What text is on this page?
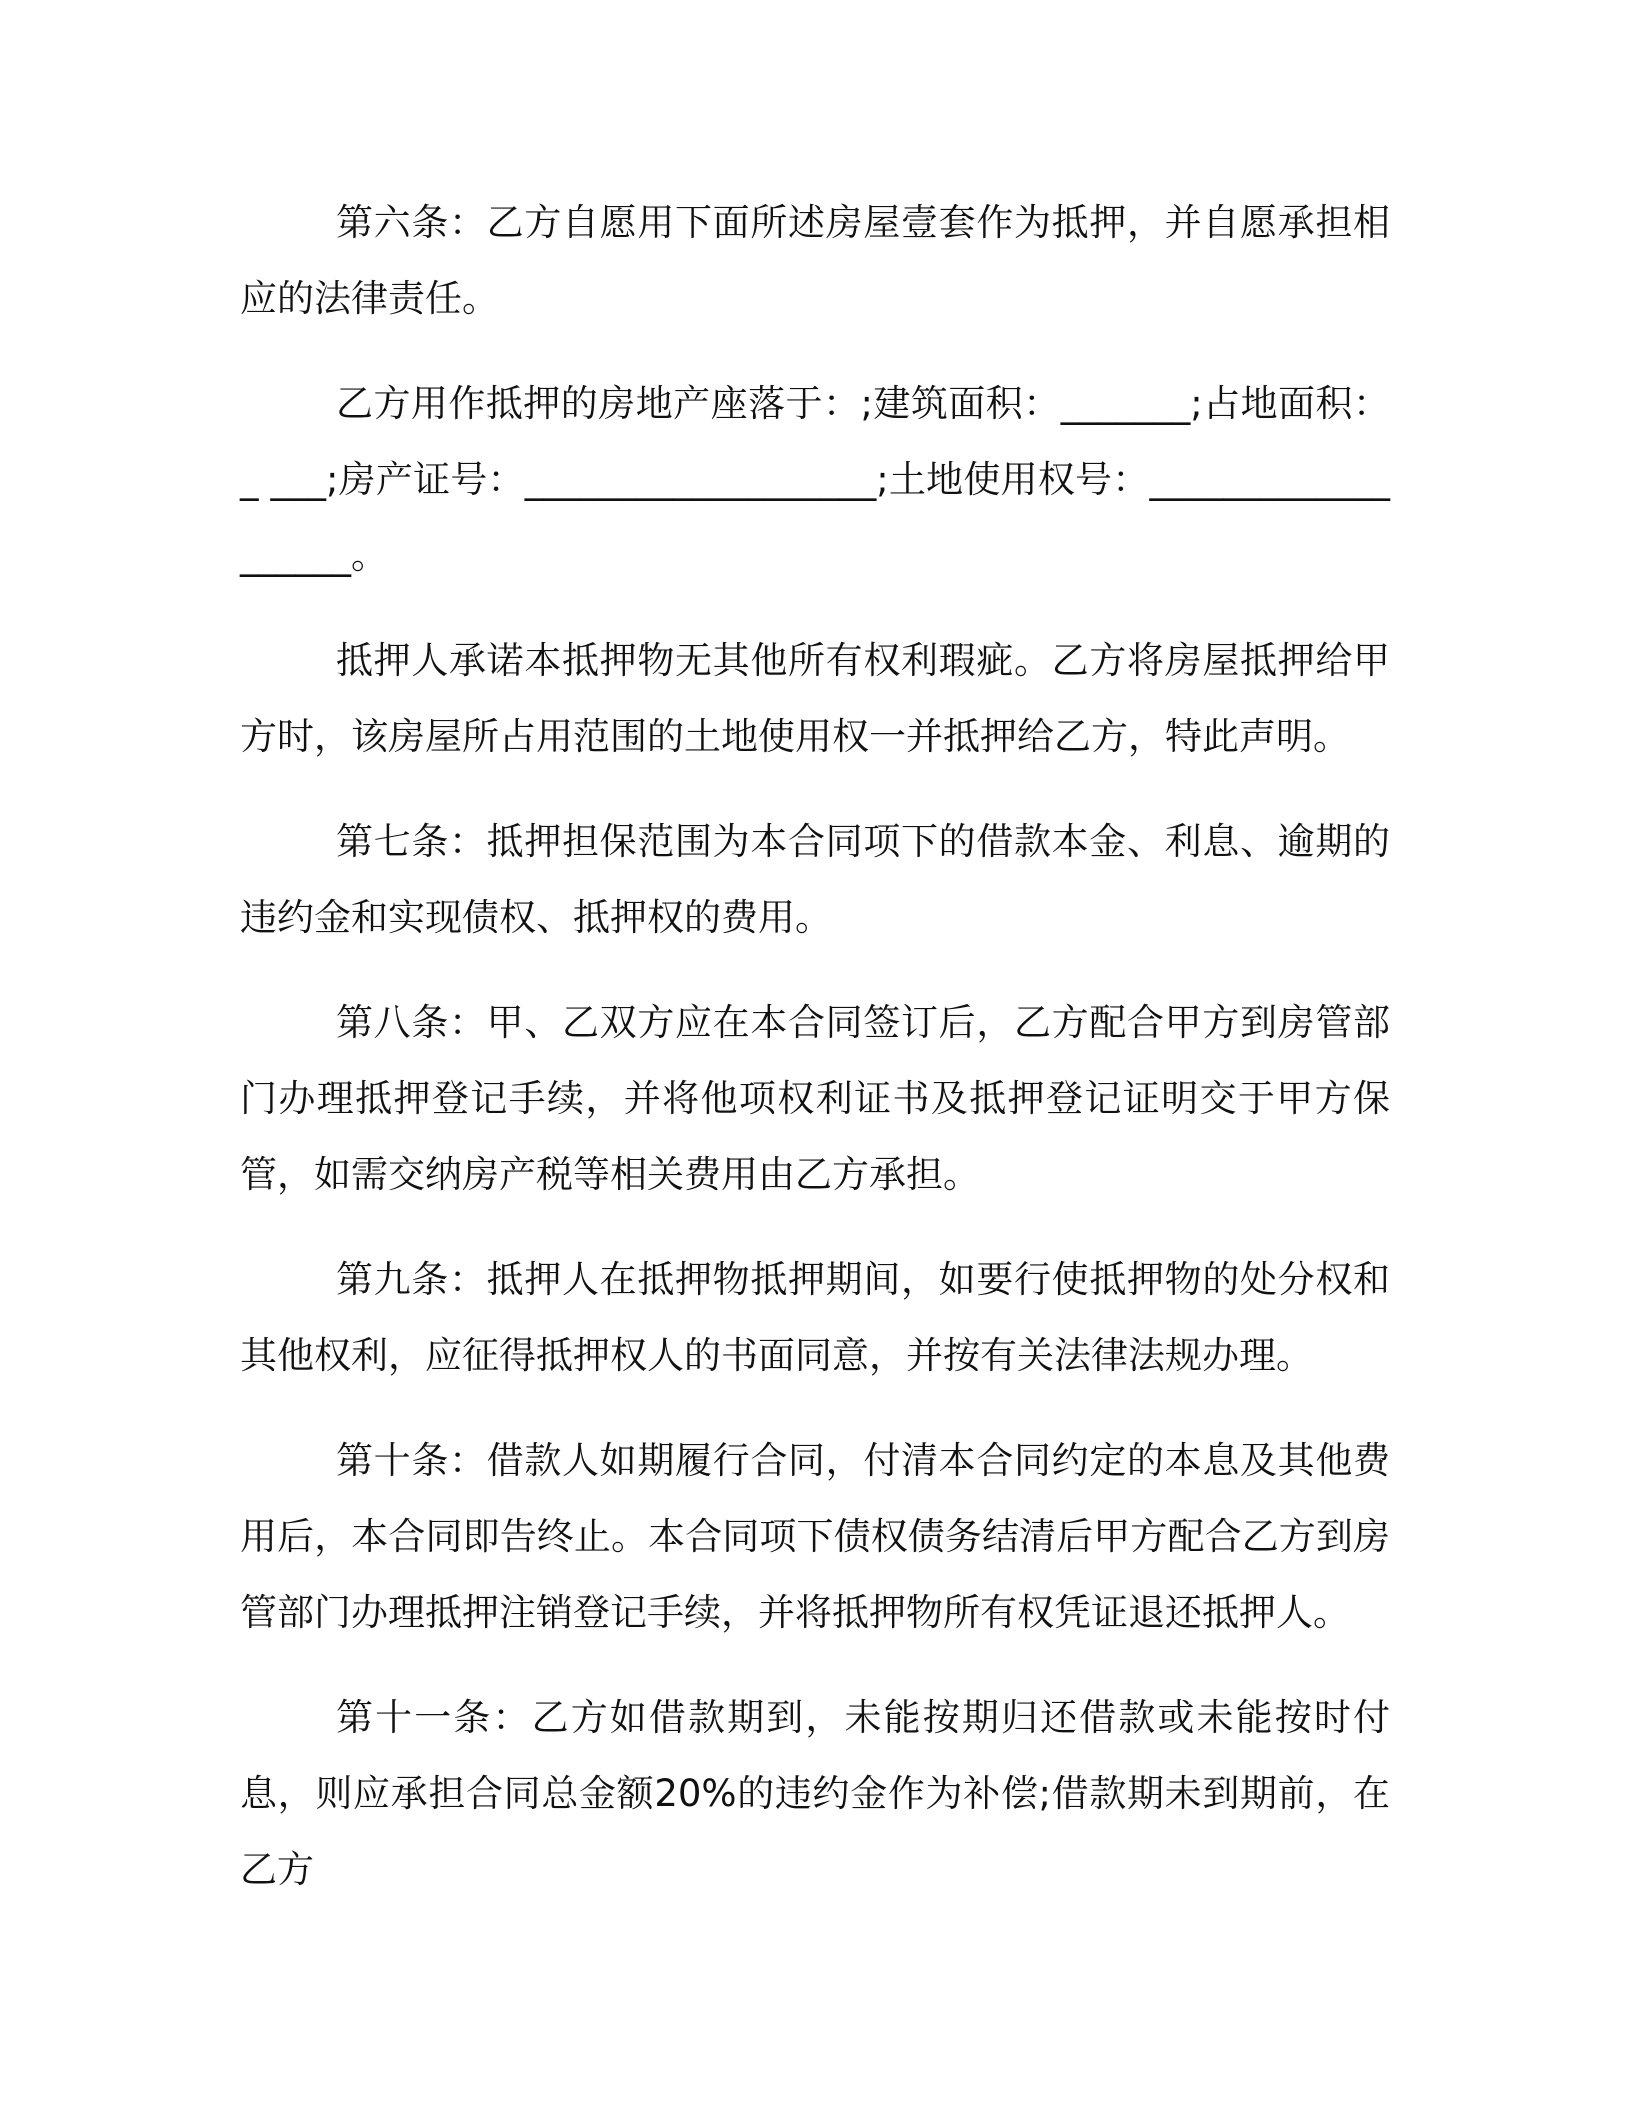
第六条：乙方自愿用下面所述房屋壹套作为抵押，并自愿承担相应的法律责任。

乙方用作抵押的房地产座落于：;建筑面积：_______;占地面积：_ ___;房产证号：___________________;土地使用权号：___________________。

抵押人承诺本抵押物无其他所有权利瑕疵。乙方将房屋抵押给甲方时，该房屋所占用范围的土地使用权一并抵押给乙方，特此声明。

第七条：抵押担保范围为本合同项下的借款本金、利息、逾期的违约金和实现债权、抵押权的费用。

第八条：甲、乙双方应在本合同签订后，乙方配合甲方到房管部门办理抵押登记手续，并将他项权利证书及抵押登记证明交于甲方保管，如需交纳房产税等相关费用由乙方承担。

第九条：抵押人在抵押物抵押期间，如要行使抵押物的处分权和其他权利，应征得抵押权人的书面同意，并按有关法律法规办理。

第十条：借款人如期履行合同，付清本合同约定的本息及其他费用后，本合同即告终止。本合同项下债权债务结清后甲方配合乙方到房管部门办理抵押注销登记手续，并将抵押物所有权凭证退还抵押人。

第十一条：乙方如借款期到，未能按期归还借款或未能按时付息，则应承担合同总金额20%的违约金作为补偿;借款期未到期前，在乙方
